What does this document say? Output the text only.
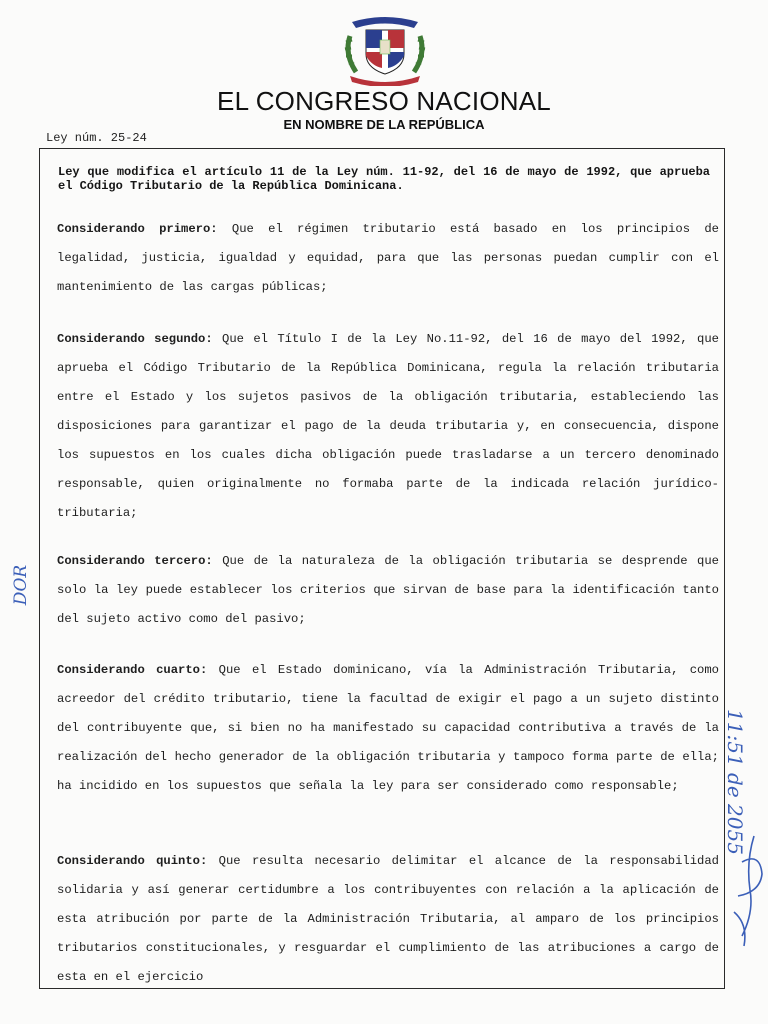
EL CONGRESO NACIONAL
EN NOMBRE DE LA REPÚBLICA
Ley núm. 25-24
Ley que modifica el artículo 11 de la Ley núm. 11-92, del 16 de mayo de 1992, que aprueba el Código Tributario de la República Dominicana.
Considerando primero: Que el régimen tributario está basado en los principios de legalidad, justicia, igualdad y equidad, para que las personas puedan cumplir con el mantenimiento de las cargas públicas;
Considerando segundo: Que el Título I de la Ley No.11-92, del 16 de mayo del 1992, que aprueba el Código Tributario de la República Dominicana, regula la relación tributaria entre el Estado y los sujetos pasivos de la obligación tributaria, estableciendo las disposiciones para garantizar el pago de la deuda tributaria y, en consecuencia, dispone los supuestos en los cuales dicha obligación puede trasladarse a un tercero denominado responsable, quien originalmente no formaba parte de la indicada relación jurídico- tributaria;
Considerando tercero: Que de la naturaleza de la obligación tributaria se desprende que solo la ley puede establecer los criterios que sirvan de base para la identificación tanto del sujeto activo como del pasivo;
Considerando cuarto: Que el Estado dominicano, vía la Administración Tributaria, como acreedor del crédito tributario, tiene la facultad de exigir el pago a un sujeto distinto del contribuyente que, si bien no ha manifestado su capacidad contributiva a través de la realización del hecho generador de la obligación tributaria y tampoco forma parte de ella; ha incidido en los supuestos que señala la ley para ser considerado como responsable;
Considerando quinto: Que resulta necesario delimitar el alcance de la responsabilidad solidaria y así generar certidumbre a los contribuyentes con relación a la aplicación de esta atribución por parte de la Administración Tributaria, al amparo de los principios tributarios constitucionales, y resguardar el cumplimiento de las atribuciones a cargo de esta en el ejercicio
DOR
11:51 de 2055
